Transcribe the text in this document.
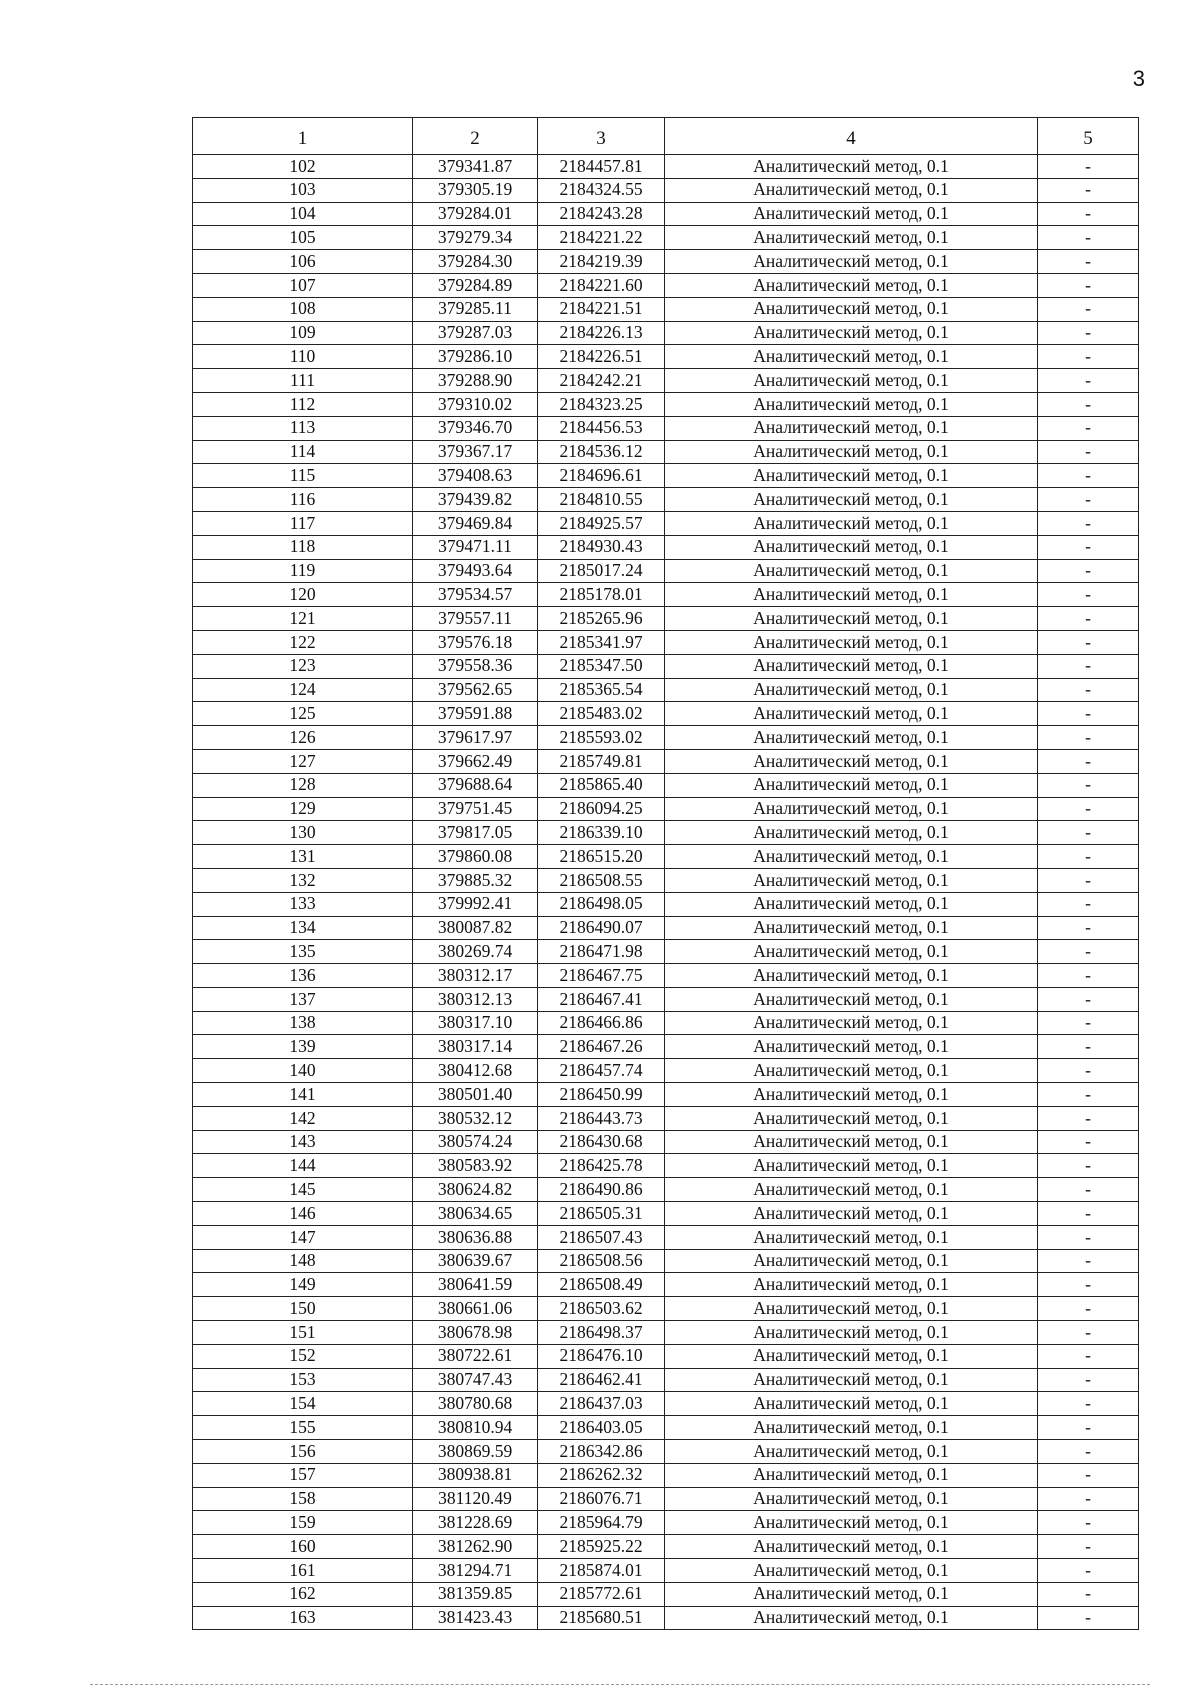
3
1	2	3	4	5
102	379341.87	2184457.81	Аналитический метод, 0.1	-
103	379305.19	2184324.55	Аналитический метод, 0.1	-
104	379284.01	2184243.28	Аналитический метод, 0.1	-
105	379279.34	2184221.22	Аналитический метод, 0.1	-
106	379284.30	2184219.39	Аналитический метод, 0.1	-
107	379284.89	2184221.60	Аналитический метод, 0.1	-
108	379285.11	2184221.51	Аналитический метод, 0.1	-
109	379287.03	2184226.13	Аналитический метод, 0.1	-
110	379286.10	2184226.51	Аналитический метод, 0.1	-
111	379288.90	2184242.21	Аналитический метод, 0.1	-
112	379310.02	2184323.25	Аналитический метод, 0.1	-
113	379346.70	2184456.53	Аналитический метод, 0.1	-
114	379367.17	2184536.12	Аналитический метод, 0.1	-
115	379408.63	2184696.61	Аналитический метод, 0.1	-
116	379439.82	2184810.55	Аналитический метод, 0.1	-
117	379469.84	2184925.57	Аналитический метод, 0.1	-
118	379471.11	2184930.43	Аналитический метод, 0.1	-
119	379493.64	2185017.24	Аналитический метод, 0.1	-
120	379534.57	2185178.01	Аналитический метод, 0.1	-
121	379557.11	2185265.96	Аналитический метод, 0.1	-
122	379576.18	2185341.97	Аналитический метод, 0.1	-
123	379558.36	2185347.50	Аналитический метод, 0.1	-
124	379562.65	2185365.54	Аналитический метод, 0.1	-
125	379591.88	2185483.02	Аналитический метод, 0.1	-
126	379617.97	2185593.02	Аналитический метод, 0.1	-
127	379662.49	2185749.81	Аналитический метод, 0.1	-
128	379688.64	2185865.40	Аналитический метод, 0.1	-
129	379751.45	2186094.25	Аналитический метод, 0.1	-
130	379817.05	2186339.10	Аналитический метод, 0.1	-
131	379860.08	2186515.20	Аналитический метод, 0.1	-
132	379885.32	2186508.55	Аналитический метод, 0.1	-
133	379992.41	2186498.05	Аналитический метод, 0.1	-
134	380087.82	2186490.07	Аналитический метод, 0.1	-
135	380269.74	2186471.98	Аналитический метод, 0.1	-
136	380312.17	2186467.75	Аналитический метод, 0.1	-
137	380312.13	2186467.41	Аналитический метод, 0.1	-
138	380317.10	2186466.86	Аналитический метод, 0.1	-
139	380317.14	2186467.26	Аналитический метод, 0.1	-
140	380412.68	2186457.74	Аналитический метод, 0.1	-
141	380501.40	2186450.99	Аналитический метод, 0.1	-
142	380532.12	2186443.73	Аналитический метод, 0.1	-
143	380574.24	2186430.68	Аналитический метод, 0.1	-
144	380583.92	2186425.78	Аналитический метод, 0.1	-
145	380624.82	2186490.86	Аналитический метод, 0.1	-
146	380634.65	2186505.31	Аналитический метод, 0.1	-
147	380636.88	2186507.43	Аналитический метод, 0.1	-
148	380639.67	2186508.56	Аналитический метод, 0.1	-
149	380641.59	2186508.49	Аналитический метод, 0.1	-
150	380661.06	2186503.62	Аналитический метод, 0.1	-
151	380678.98	2186498.37	Аналитический метод, 0.1	-
152	380722.61	2186476.10	Аналитический метод, 0.1	-
153	380747.43	2186462.41	Аналитический метод, 0.1	-
154	380780.68	2186437.03	Аналитический метод, 0.1	-
155	380810.94	2186403.05	Аналитический метод, 0.1	-
156	380869.59	2186342.86	Аналитический метод, 0.1	-
157	380938.81	2186262.32	Аналитический метод, 0.1	-
158	381120.49	2186076.71	Аналитический метод, 0.1	-
159	381228.69	2185964.79	Аналитический метод, 0.1	-
160	381262.90	2185925.22	Аналитический метод, 0.1	-
161	381294.71	2185874.01	Аналитический метод, 0.1	-
162	381359.85	2185772.61	Аналитический метод, 0.1	-
163	381423.43	2185680.51	Аналитический метод, 0.1	-
